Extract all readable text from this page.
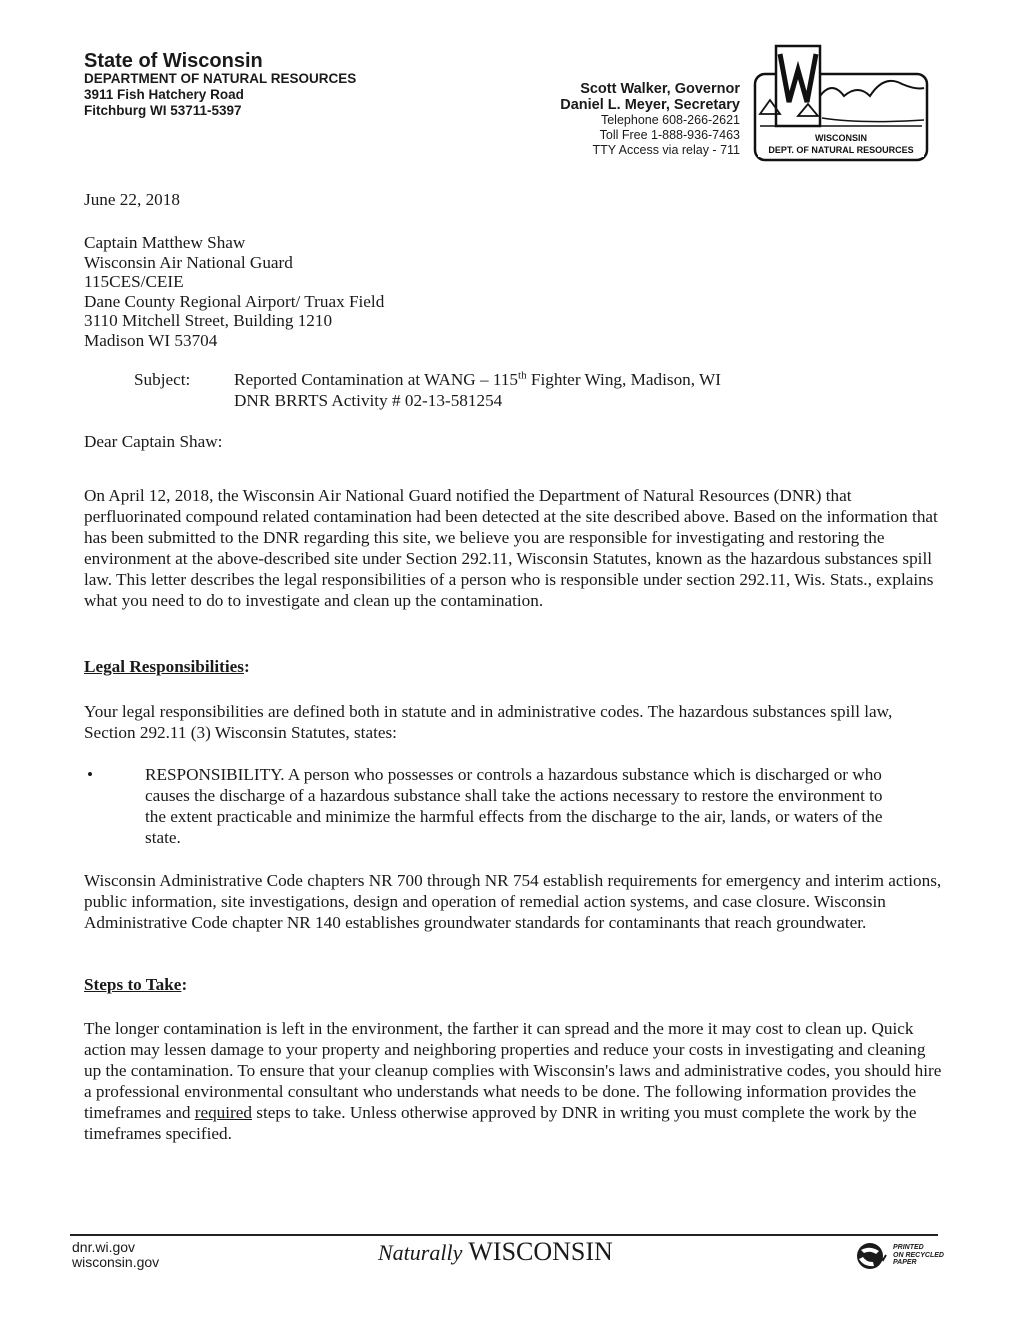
State of Wisconsin
DEPARTMENT OF NATURAL RESOURCES
3911 Fish Hatchery Road
Fitchburg WI 53711-5397
Scott Walker, Governor
Daniel L. Meyer, Secretary
Telephone 608-266-2621
Toll Free 1-888-936-7463
TTY Access via relay - 711
WISCONSIN
DEPT. OF NATURAL RESOURCES
June 22, 2018
Captain Matthew Shaw
Wisconsin Air National Guard
115CES/CEIE
Dane County Regional Airport/ Truax Field
3110 Mitchell Street, Building 1210
Madison WI 53704
Subject:	Reported Contamination at WANG – 115th Fighter Wing, Madison, WI
DNR BRRTS Activity # 02-13-581254
Dear Captain Shaw:

On April 12, 2018, the Wisconsin Air National Guard notified the Department of Natural Resources (DNR) that perfluorinated compound related contamination had been detected at the site described above. Based on the information that has been submitted to the DNR regarding this site, we believe you are responsible for investigating and restoring the environment at the above-described site under Section 292.11, Wisconsin Statutes, known as the hazardous substances spill law. This letter describes the legal responsibilities of a person who is responsible under section 292.11, Wis. Stats., explains what you need to do to investigate and clean up the contamination.

Legal Responsibilities:

Your legal responsibilities are defined both in statute and in administrative codes. The hazardous substances spill law, Section 292.11 (3) Wisconsin Statutes, states:

•	RESPONSIBILITY. A person who possesses or controls a hazardous substance which is discharged or who causes the discharge of a hazardous substance shall take the actions necessary to restore the environment to the extent practicable and minimize the harmful effects from the discharge to the air, lands, or waters of the state.

Wisconsin Administrative Code chapters NR 700 through NR 754 establish requirements for emergency and interim actions, public information, site investigations, design and operation of remedial action systems, and case closure. Wisconsin Administrative Code chapter NR 140 establishes groundwater standards for contaminants that reach groundwater.

Steps to Take:

The longer contamination is left in the environment, the farther it can spread and the more it may cost to clean up. Quick action may lessen damage to your property and neighboring properties and reduce your costs in investigating and cleaning up the contamination. To ensure that your cleanup complies with Wisconsin's laws and administrative codes, you should hire a professional environmental consultant who understands what needs to be done. The following information provides the timeframes and required steps to take. Unless otherwise approved by DNR in writing you must complete the work by the timeframes specified.

dnr.wi.gov
wisconsin.gov	Naturally WISCONSIN	PRINTED
ON RECYCLED
PAPER
